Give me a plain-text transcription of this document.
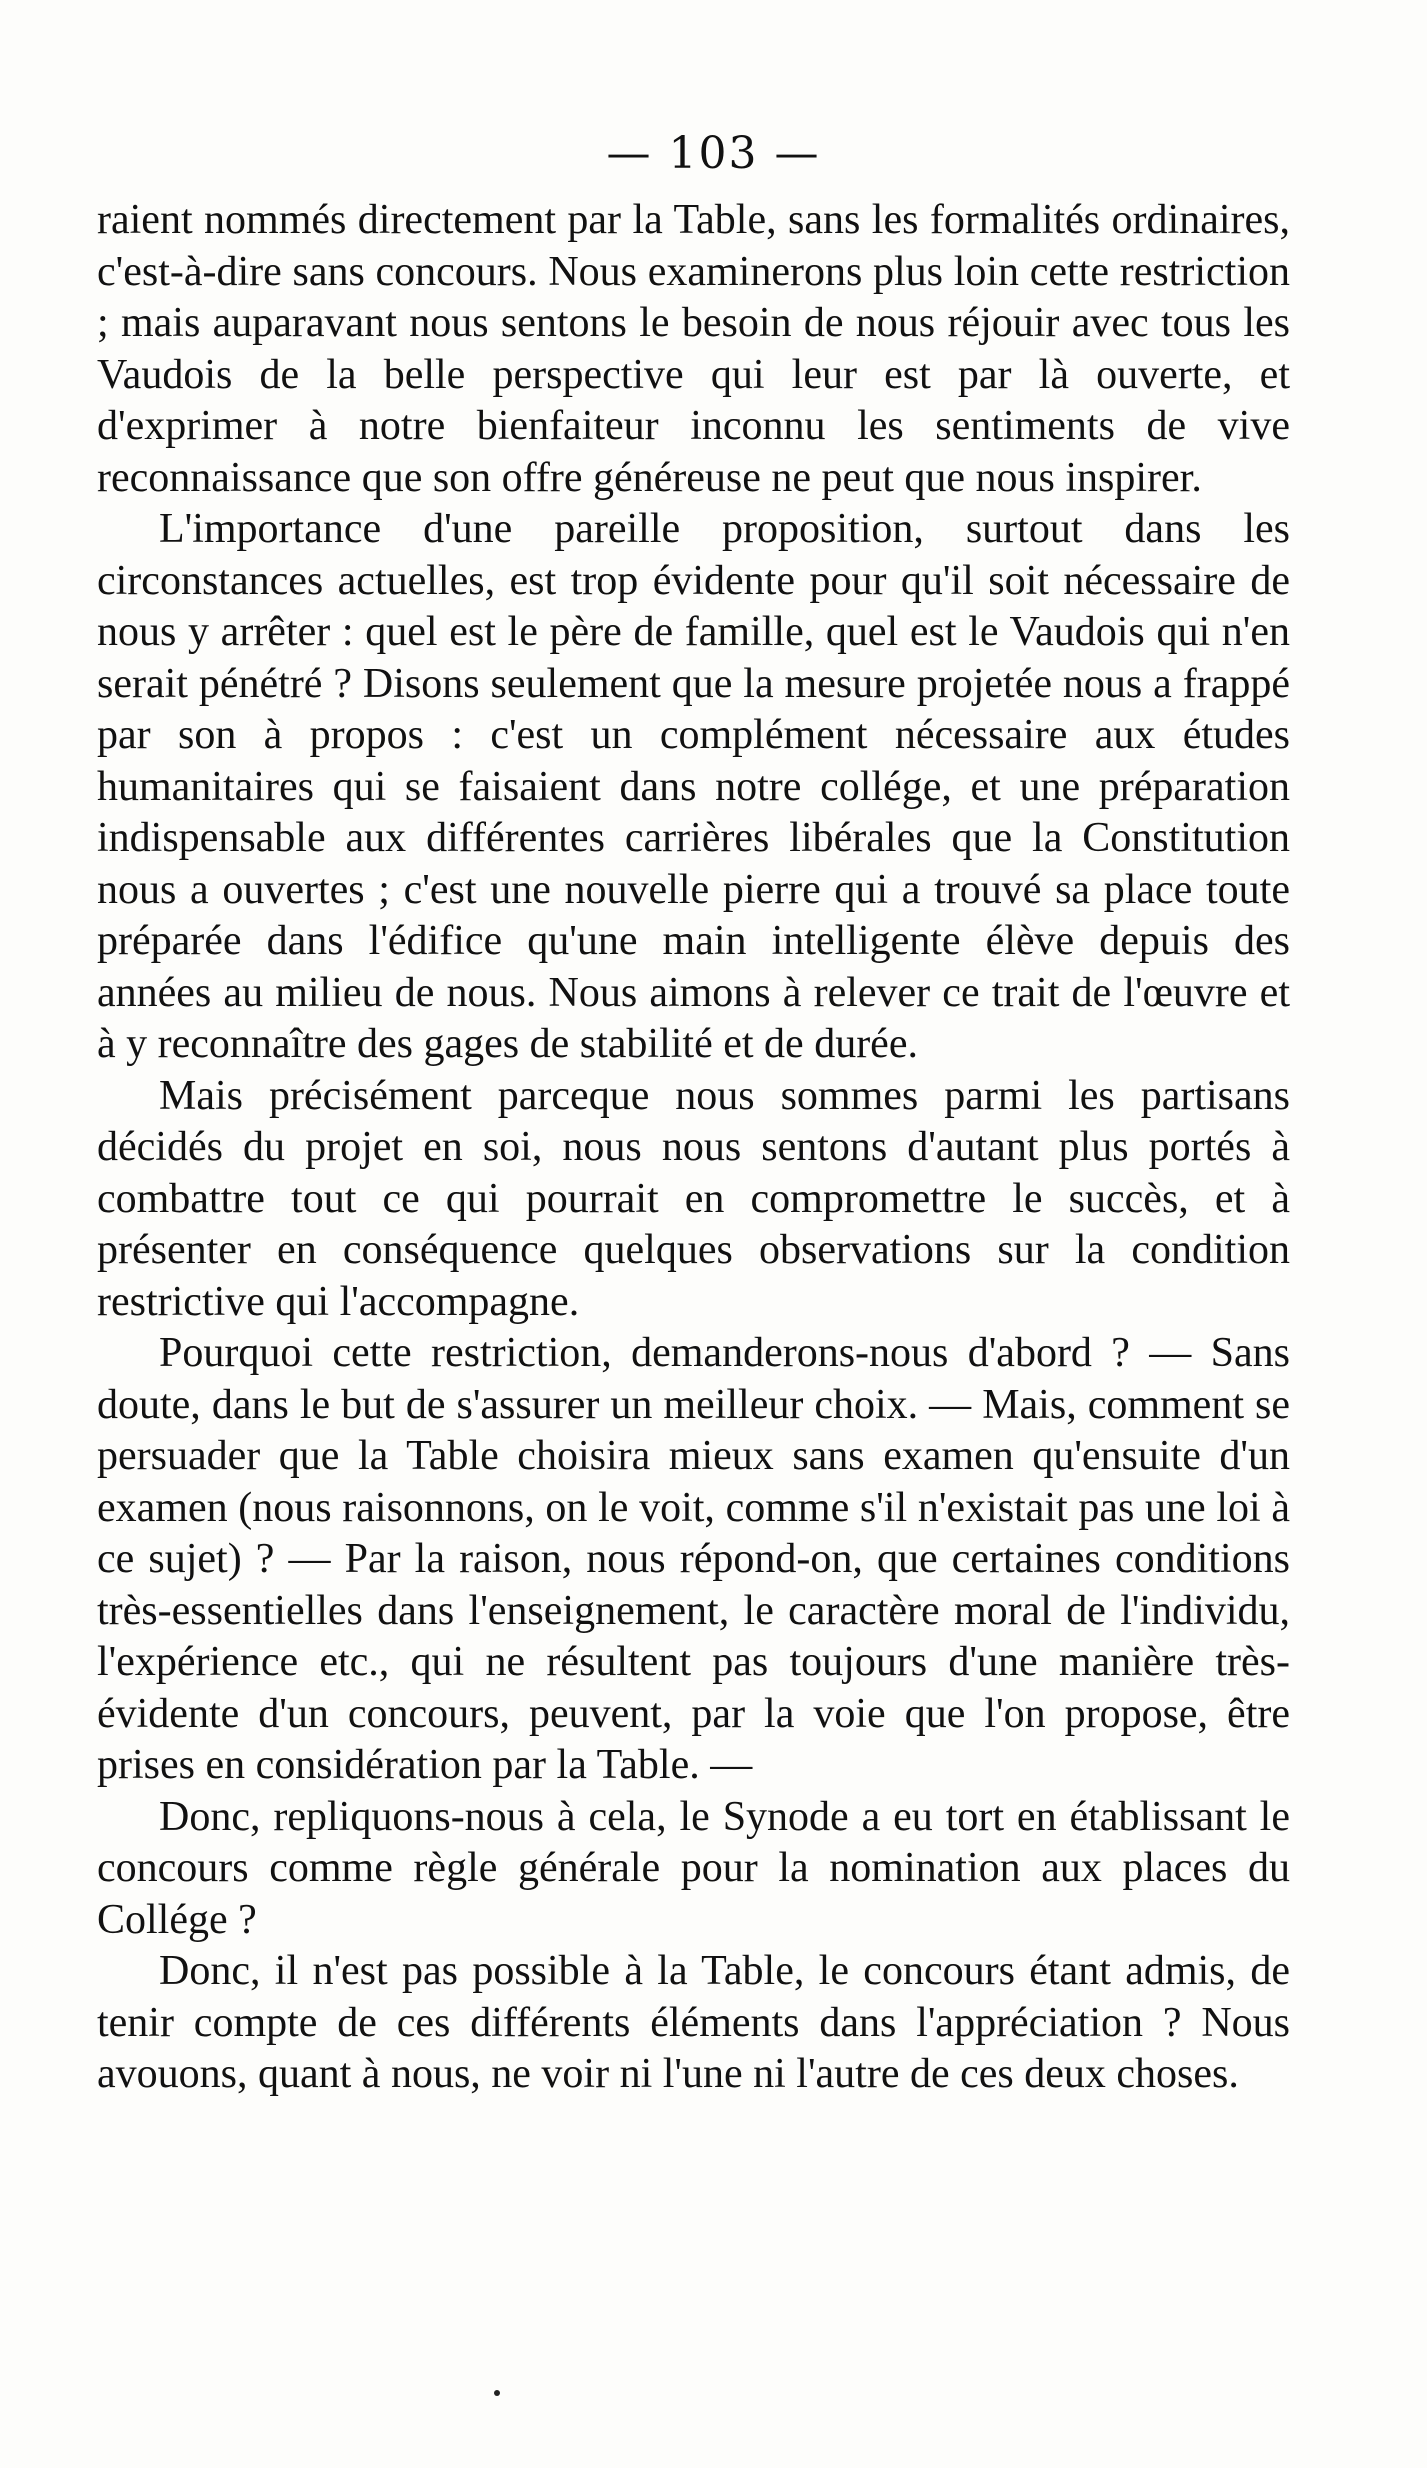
— 103 —

raient nommés directement par la Table, sans les formalités ordinaires, c'est-à-dire sans concours. Nous examinerons plus loin cette restriction ; mais auparavant nous sentons le besoin de nous réjouir avec tous les Vaudois de la belle perspective qui leur est par là ouverte, et d'exprimer à notre bienfaiteur inconnu les sentiments de vive reconnaissance que son offre généreuse ne peut que nous inspirer.

L'importance d'une pareille proposition, surtout dans les circonstances actuelles, est trop évidente pour qu'il soit nécessaire de nous y arrêter : quel est le père de famille, quel est le Vaudois qui n'en serait pénétré ? Disons seulement que la mesure projetée nous a frappé par son à propos : c'est un complément nécessaire aux études humanitaires qui se faisaient dans notre collége, et une préparation indispensable aux différentes carrières libérales que la Constitution nous a ouvertes ; c'est une nouvelle pierre qui a trouvé sa place toute préparée dans l'édifice qu'une main intelligente élève depuis des années au milieu de nous. Nous aimons à relever ce trait de l'œuvre et à y reconnaître des gages de stabilité et de durée.

Mais précisément parceque nous sommes parmi les partisans décidés du projet en soi, nous nous sentons d'autant plus portés à combattre tout ce qui pourrait en compromettre le succès, et à présenter en conséquence quelques observations sur la condition restrictive qui l'accompagne.

Pourquoi cette restriction, demanderons-nous d'abord ? — Sans doute, dans le but de s'assurer un meilleur choix. — Mais, comment se persuader que la Table choisira mieux sans examen qu'ensuite d'un examen (nous raisonnons, on le voit, comme s'il n'existait pas une loi à ce sujet) ? — Par la raison, nous répond-on, que certaines conditions très-essentielles dans l'enseignement, le caractère moral de l'individu, l'expérience etc., qui ne résultent pas toujours d'une manière très-évidente d'un concours, peuvent, par la voie que l'on propose, être prises en considération par la Table. —

Donc, repliquons-nous à cela, le Synode a eu tort en établissant le concours comme règle générale pour la nomination aux places du Collége ?

Donc, il n'est pas possible à la Table, le concours étant admis, de tenir compte de ces différents éléments dans l'appréciation ? Nous avouons, quant à nous, ne voir ni l'une ni l'autre de ces deux choses.
